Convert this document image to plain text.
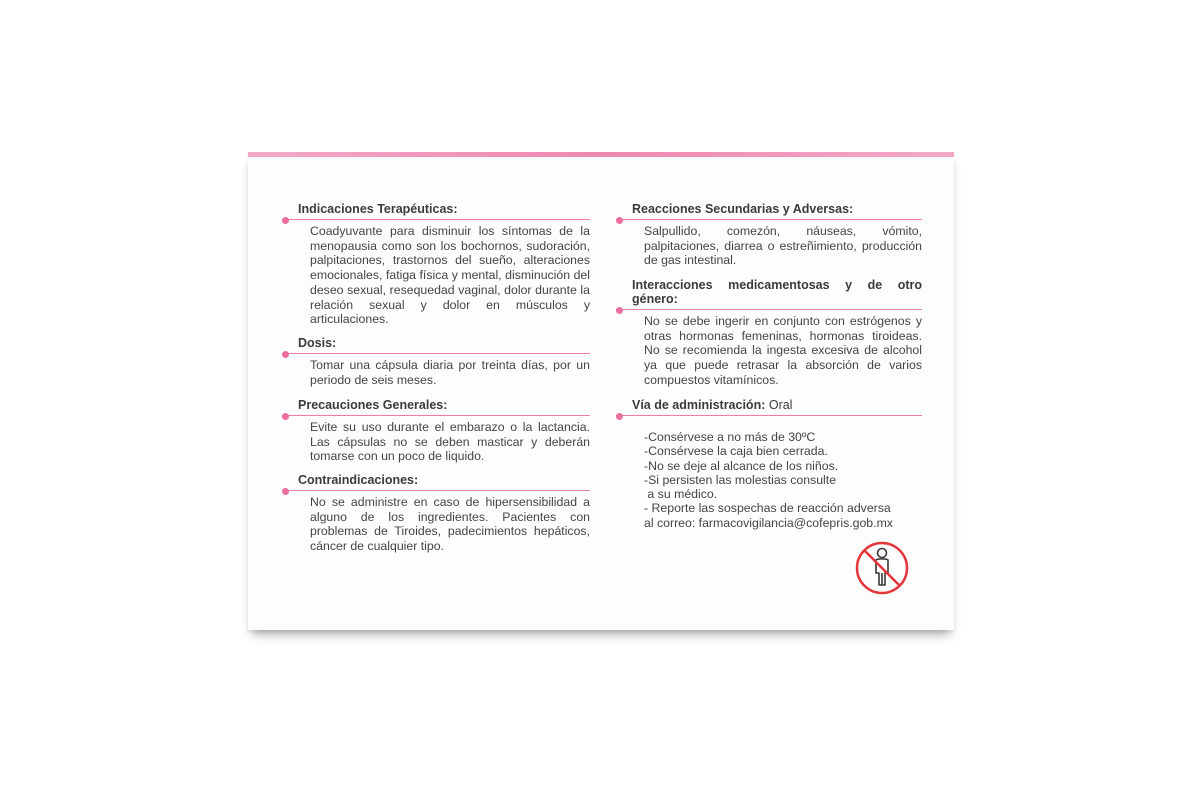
Indicaciones Terapéuticas:
Coadyuvante para disminuir los síntomas de la menopausia como son los bochornos, sudoración, palpitaciones, trastornos del sueño, alteraciones emocionales, fatiga física y mental, disminución del deseo sexual, resequedad vaginal, dolor durante la relación sexual y dolor en músculos y articulaciones.
Dosis:
Tomar una cápsula diaria por treinta días, por un periodo de seis meses.
Precauciones Generales:
Evite su uso durante el embarazo o la lactancia. Las cápsulas no se deben masticar y deberán tomarse con un poco de liquido.
Contraindicaciones:
No se administre en caso de hipersensibilidad a alguno de los ingredientes. Pacientes con problemas de Tiroides, padecimientos hepáticos, cáncer de cualquier tipo.
Reacciones Secundarias y Adversas:
Salpullido, comezón, náuseas, vómito, palpitaciones, diarrea o estreñimiento, producción de gas intestinal.
Interacciones medicamentosas y de otro género:
No se debe ingerir en conjunto con estrógenos y otras hormonas femeninas, hormonas tiroideas. No se recomienda la ingesta excesiva de alcohol ya que puede retrasar la absorción de varios compuestos vitamínicos.
Vía de administración: Oral
-Consérvese a no más de 30ºC
-Consérvese la caja bien cerrada.
-No se deje al alcance de los niños.
-Si persisten las molestias consulte
a su médico.
- Reporte las sospechas de reacción adversa
al correo: farmacovigilancia@cofepris.gob.mx
